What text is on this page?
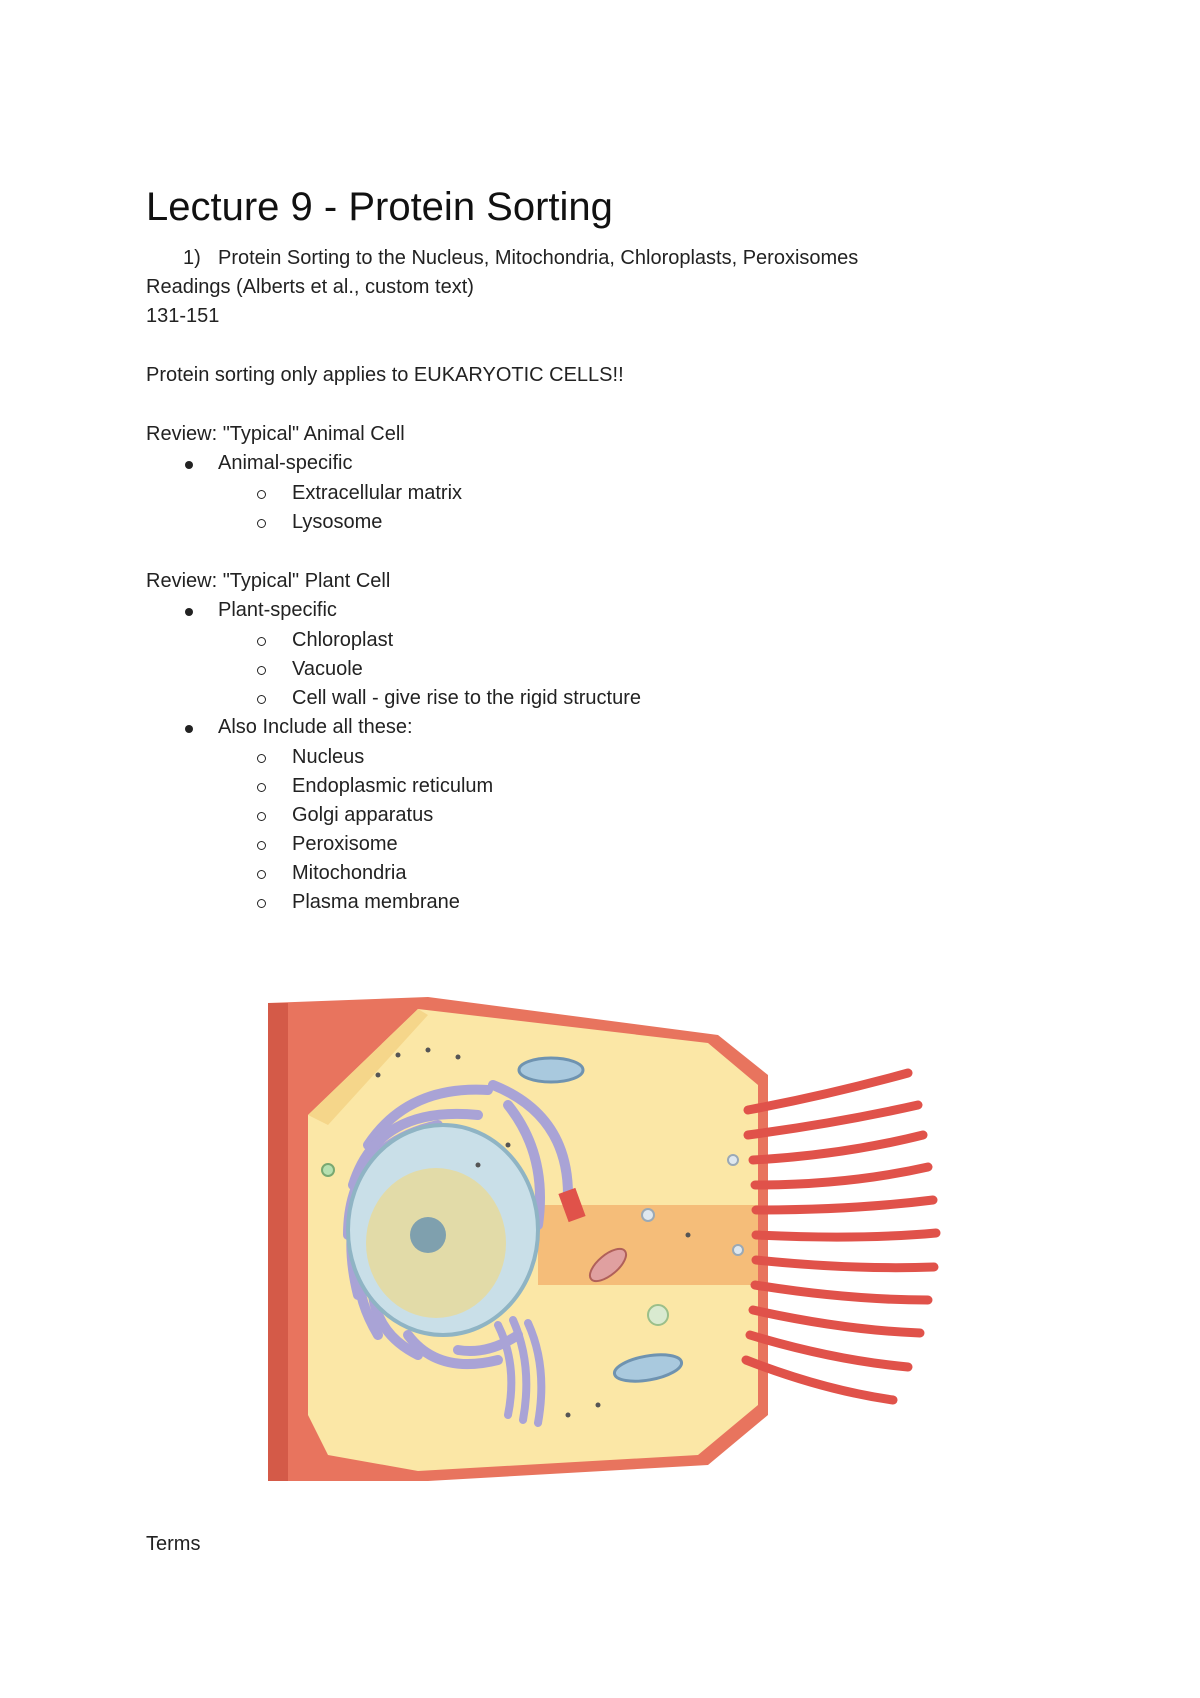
Lecture 9 - Protein Sorting
1) Protein Sorting to the Nucleus, Mitochondria, Chloroplasts, Peroxisomes
Readings (Alberts et al., custom text)
131-151
Protein sorting only applies to EUKARYOTIC CELLS!!
Review: "Typical" Animal Cell
Animal-specific
Extracellular matrix
Lysosome
Review: "Typical" Plant Cell
Plant-specific
Chloroplast
Vacuole
Cell wall - give rise to the rigid structure
Also Include all these:
Nucleus
Endoplasmic reticulum
Golgi apparatus
Peroxisome
Mitochondria
Plasma membrane
Terms
